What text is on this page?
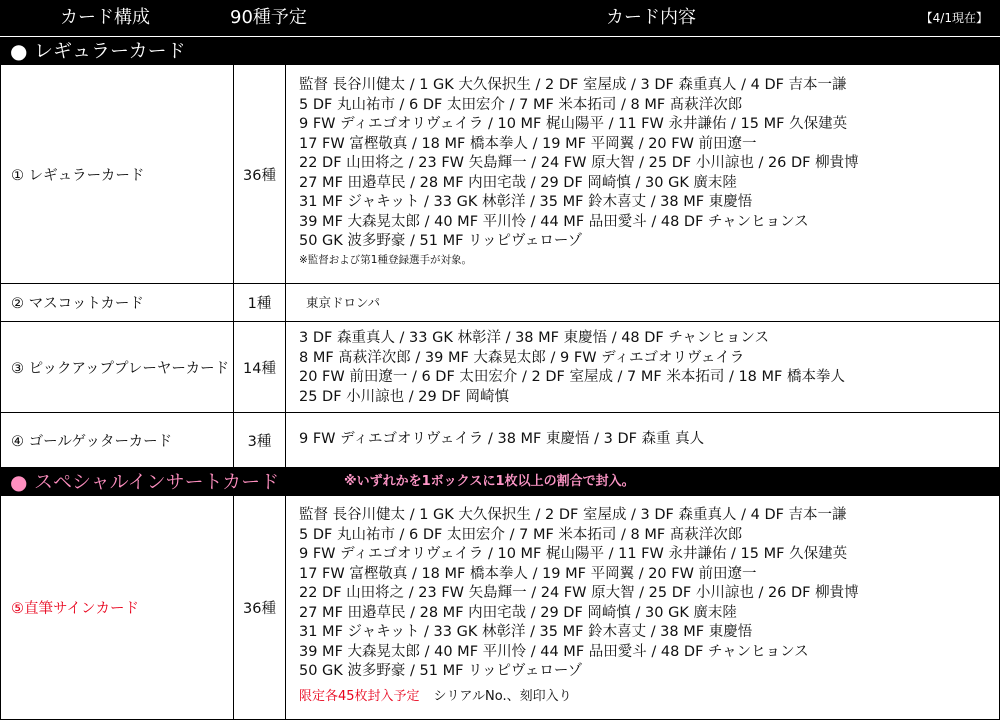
カード構成	90種予定	カード内容	【4/1現在】
● レギュラーカード
① レギュラーカード	36種
監督 長谷川健太 / 1 GK 大久保択生 / 2 DF 室屋成 / 3 DF 森重真人 / 4 DF 吉本一謙
5 DF 丸山祐市 / 6 DF 太田宏介 / 7 MF 米本拓司 / 8 MF 髙萩洋次郎
9 FW ディエゴオリヴェイラ / 10 MF 梶山陽平 / 11 FW 永井謙佑 / 15 MF 久保建英
17 FW 富樫敬真 / 18 MF 橋本拳人 / 19 MF 平岡翼 / 20 FW 前田遼一
22 DF 山田将之 / 23 FW 矢島輝一 / 24 FW 原大智 / 25 DF 小川諒也 / 26 DF 柳貴博
27 MF 田邉草民 / 28 MF 内田宅哉 / 29 DF 岡崎慎 / 30 GK 廣末陸
31 MF ジャキット / 33 GK 林彰洋 / 35 MF 鈴木喜丈 / 38 MF 東慶悟
39 MF 大森晃太郎 / 40 MF 平川怜 / 44 MF 品田愛斗 / 48 DF チャンヒョンス
50 GK 波多野豪 / 51 MF リッピヴェローゾ
※監督および第1種登録選手が対象。
② マスコットカード	1種	東京ドロンパ
③ ピックアッププレーヤーカード 14種
3 DF 森重真人 / 33 GK 林彰洋 / 38 MF 東慶悟 / 48 DF チャンヒョンス
8 MF 髙萩洋次郎 / 39 MF 大森晃太郎 / 9 FW ディエゴオリヴェイラ
20 FW 前田遼一 / 6 DF 太田宏介 / 2 DF 室屋成 / 7 MF 米本拓司 / 18 MF 橋本拳人
25 DF 小川諒也 / 29 DF 岡崎慎
④ ゴールゲッターカード	3種	9 FW ディエゴオリヴェイラ / 38 MF 東慶悟 / 3 DF 森重 真人
● スペシャルインサートカード	※いずれかを1ボックスに1枚以上の割合で封入。
⑤直筆サインカード	36種
監督 長谷川健太 / 1 GK 大久保択生 / 2 DF 室屋成 / 3 DF 森重真人 / 4 DF 吉本一謙
5 DF 丸山祐市 / 6 DF 太田宏介 / 7 MF 米本拓司 / 8 MF 髙萩洋次郎
9 FW ディエゴオリヴェイラ / 10 MF 梶山陽平 / 11 FW 永井謙佑 / 15 MF 久保建英
17 FW 富樫敬真 / 18 MF 橋本拳人 / 19 MF 平岡翼 / 20 FW 前田遼一
22 DF 山田将之 / 23 FW 矢島輝一 / 24 FW 原大智 / 25 DF 小川諒也 / 26 DF 柳貴博
27 MF 田邉草民 / 28 MF 内田宅哉 / 29 DF 岡崎慎 / 30 GK 廣末陸
31 MF ジャキット / 33 GK 林彰洋 / 35 MF 鈴木喜丈 / 38 MF 東慶悟
39 MF 大森晃太郎 / 40 MF 平川怜 / 44 MF 品田愛斗 / 48 DF チャンヒョンス
50 GK 波多野豪 / 51 MF リッピヴェローゾ
限定各45枚封入予定 シリアルNo.、刻印入り
